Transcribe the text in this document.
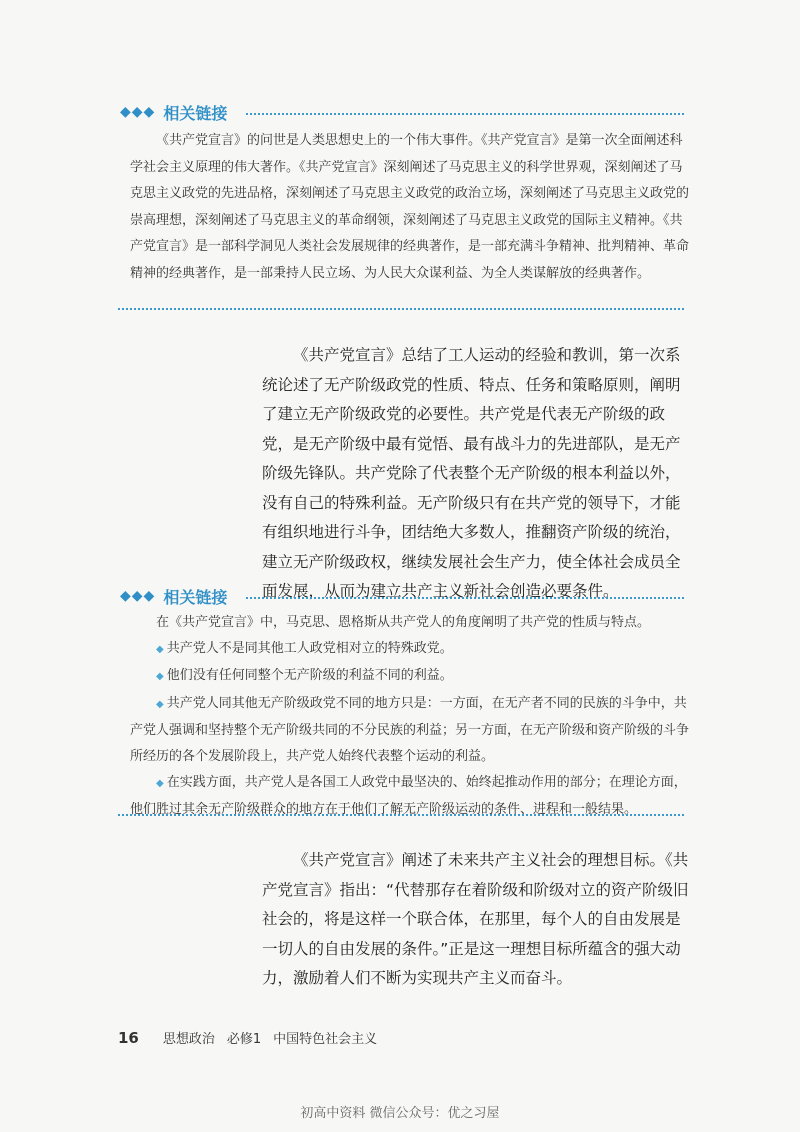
◆◆◆ 相关链接

《共产党宣言》的问世是人类思想史上的一个伟大事件。《共产党宣言》是第一次全面阐述科学社会主义原理的伟大著作。《共产党宣言》深刻阐述了马克思主义的科学世界观，深刻阐述了马克思主义政党的先进品格，深刻阐述了马克思主义政党的政治立场，深刻阐述了马克思主义政党的崇高理想，深刻阐述了马克思主义的革命纲领，深刻阐述了马克思主义政党的国际主义精神。《共产党宣言》是一部科学洞见人类社会发展规律的经典著作，是一部充满斗争精神、批判精神、革命精神的经典著作，是一部秉持人民立场、为人民大众谋利益、为全人类谋解放的经典著作。

《共产党宣言》总结了工人运动的经验和教训，第一次系统论述了无产阶级政党的性质、特点、任务和策略原则，阐明了建立无产阶级政党的必要性。共产党是代表无产阶级的政党，是无产阶级中最有觉悟、最有战斗力的先进部队，是无产阶级先锋队。共产党除了代表整个无产阶级的根本利益以外，没有自己的特殊利益。无产阶级只有在共产党的领导下，才能有组织地进行斗争，团结绝大多数人，推翻资产阶级的统治，建立无产阶级政权，继续发展社会生产力，使全体社会成员全面发展，从而为建立共产主义新社会创造必要条件。

◆◆◆ 相关链接

在《共产党宣言》中，马克思、恩格斯从共产党人的角度阐明了共产党的性质与特点。

◆ 共产党人不是同其他工人政党相对立的特殊政党。

◆ 他们没有任何同整个无产阶级的利益不同的利益。

◆ 共产党人同其他无产阶级政党不同的地方只是：一方面，在无产者不同的民族的斗争中，共产党人强调和坚持整个无产阶级共同的不分民族的利益；另一方面，在无产阶级和资产阶级的斗争所经历的各个发展阶段上，共产党人始终代表整个运动的利益。

◆ 在实践方面，共产党人是各国工人政党中最坚决的、始终起推动作用的部分；在理论方面，他们胜过其余无产阶级群众的地方在于他们了解无产阶级运动的条件、进程和一般结果。

《共产党宣言》阐述了未来共产主义社会的理想目标。《共产党宣言》指出：“代替那存在着阶级和阶级对立的资产阶级旧社会的，将是这样一个联合体，在那里，每个人的自由发展是一切人的自由发展的条件。”正是这一理想目标所蕴含的强大动力，激励着人们不断为实现共产主义而奋斗。

16 思想政治 必修1 中国特色社会主义
初高中资料 微信公众号：优之习屋
